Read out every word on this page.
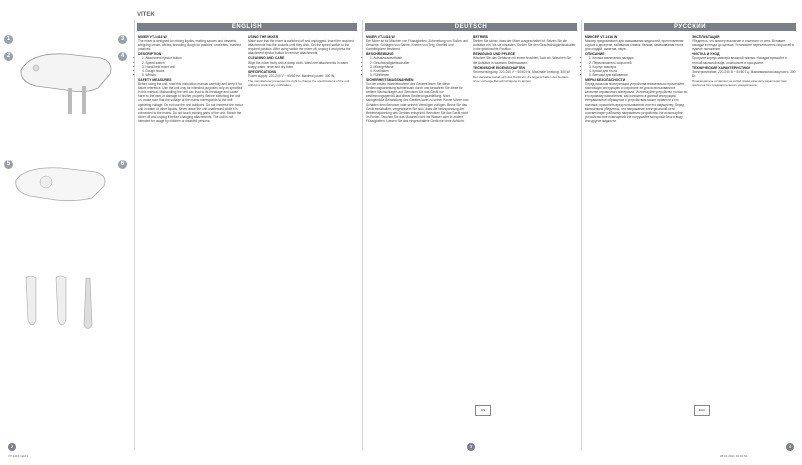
3
4
1
2
6
5
2
VT-1416.indd 1
ENGLISH
MIXER VT-1416 W

The mixer is designed for mixing liquids, making sauces and desserts, whipping cream, whites, kneading dough for pastries, omelettes, mashed potatoes.

DESCRIPTION
• 1. Attachment ejector button
• 2. Speed switch
• 3. Hand-held mixer unit
• 4. Dough hooks
• 5. Whisks
SAFETY MEASURES

Before using the unit, read this instruction manual carefully and keep it for future reference. Use the unit only for intended purposes only as specified in this manual. Mishandling the unit can lead to its breakage and cause harm to the user or damage to his/her property. Before switching the unit on, make sure that the voltage of the mains corresponds to the unit operating voltage. Do not use the unit outdoors. Do not immerse the motor unit in water or other liquids. Never leave the unit unattended while it is connected to the mains. Do not touch moving parts of the unit. Switch the mixer off and unplug it before changing attachments. The unit is not intended for usage by children or disabled persons.

USING THE MIXER

Make sure that the mixer is switched off and unplugged. Insert the required attachments into the sockets until they click. Set the speed switch to the required position. After using switch the mixer off, unplug it and press the attachment ejector button to remove attachments.

CLEANING AND CARE

Wipe the mixer body with a damp cloth. Wash the attachments in warm soapy water, rinse and dry them.

SPECIFICATIONS

Power supply: 220-240 V ~ 50/60 Hz. Maximal power: 300 W.

The manufacturer preserves the right to change the specifications of the unit without a preliminary notification.

DEUTSCH
MIXER VT-1416 W

Der Mixer ist fur Mischen von Flussigkeiten, Zubereitung von Soßen und Desserts, Schlagen von Sahne, Kneten von Teig, Omelett und Kartoffelpüree bestimmt.

BESCHREIBUNG
• 1. Aufsatzauswurftaste
• 2. Geschwindigkeitsschalter
• 3. Mixergehäuse
• 4. Knethaken
• 5. Rührbesen
SICHERHEITSMASSNAHMEN

Vor der ersten Inbetriebnahme des Gerätes lesen Sie diese Bedienungsanleitung aufmerksam durch und bewahren Sie diese für weitere Nachschlagen auf. Benutzen Sie das Gerät nur bestimmungsgemäß laut dieser Bedienungsanleitung. Nicht sachgemäße Behandlung des Gerätes kann zu seiner Panne führen und Schaden dem Benutzer oder seinem Vermögen zufügen. Bevor Sie das Gerät einschalten, vergewissern Sie sich, dass die Netzspannung der Betriebsspannung des Gerätes entspricht. Benutzen Sie das Gerät nicht im Freien. Tauchen Sie das Motorteil nicht ins Wasser oder in andere Flüssigkeiten. Lassen Sie das eingeschaltete Gerät nie ohne Aufsicht.

BETRIEB

Stellen Sie sicher, dass der Mixer ausgeschaltet ist. Setzen Sie die Aufsätze ein, bis sie einrasten. Stellen Sie den Geschwindigkeitsschalter in die gewünschte Position.

REINIGUNG UND PFLEGE

Wischen Sie das Gehäuse mit einem feuchten Tuch ab. Waschen Sie die Aufsätze in warmem Seifenwasser.

TECHNISCHE EIGENSCHAFTEN

Stromversorgung: 220-240 V ~ 50/60 Hz. Maximale Leistung: 300 W.

Der Hersteller behält sich das Recht vor, die Eigenschaften des Gerätes ohne vorherige Benachrichtigung zu ändern.

GS
3
РУССКИЙ
МИКСЕР VT-1416 W

Миксер предназначен для смешивания жидкостей, приготовления соусов и десертов, взбивания сливок, белков, замешивания теста для оладий, омлетов, пюре.

ОПИСАНИЕ
• 1. Кнопка извлечения насадок
• 2. Переключатель скоростей
• 3. Корпус миксера
• 4. Крюки для теста
• 5. Венчики для взбивания
МЕРЫ БЕЗОПАСНОСТИ

Перед началом эксплуатации устройства внимательно прочитайте настоящую инструкцию и сохраните ее для использования в качестве справочного материала. Используйте устройство только по его прямому назначению, как изложено в данной инструкции. Неправильное обращение с устройством может привести к его поломке, причинить вред пользователю или его имуществу. Перед включением убедитесь, что напряжение электрической сети соответствует рабочему напряжению устройства. Не используйте устройство вне помещений. Не погружайте моторный блок в воду или другие жидкости.

ЭКСПЛУАТАЦИЯ

Убедитесь, что миксер выключен и отключен от сети. Вставьте насадки в гнезда до щелчка. Установите переключатель скоростей в нужное положение.

ЧИСТКА И УХОД

Протрите корпус миксера влажной тканью. Насадки промойте в теплой мыльной воде, ополосните и просушите.

ТЕХНИЧЕСКИЕ ХАРАКТЕРИСТИКИ

Электропитание: 220-240 В ~ 50/60 Гц. Максимальная мощность: 300 Вт.

Производитель оставляет за собой право изменять характеристики приборов без предварительного уведомления.

EAC
4
28.01.2011 16:04:52
VITEK
